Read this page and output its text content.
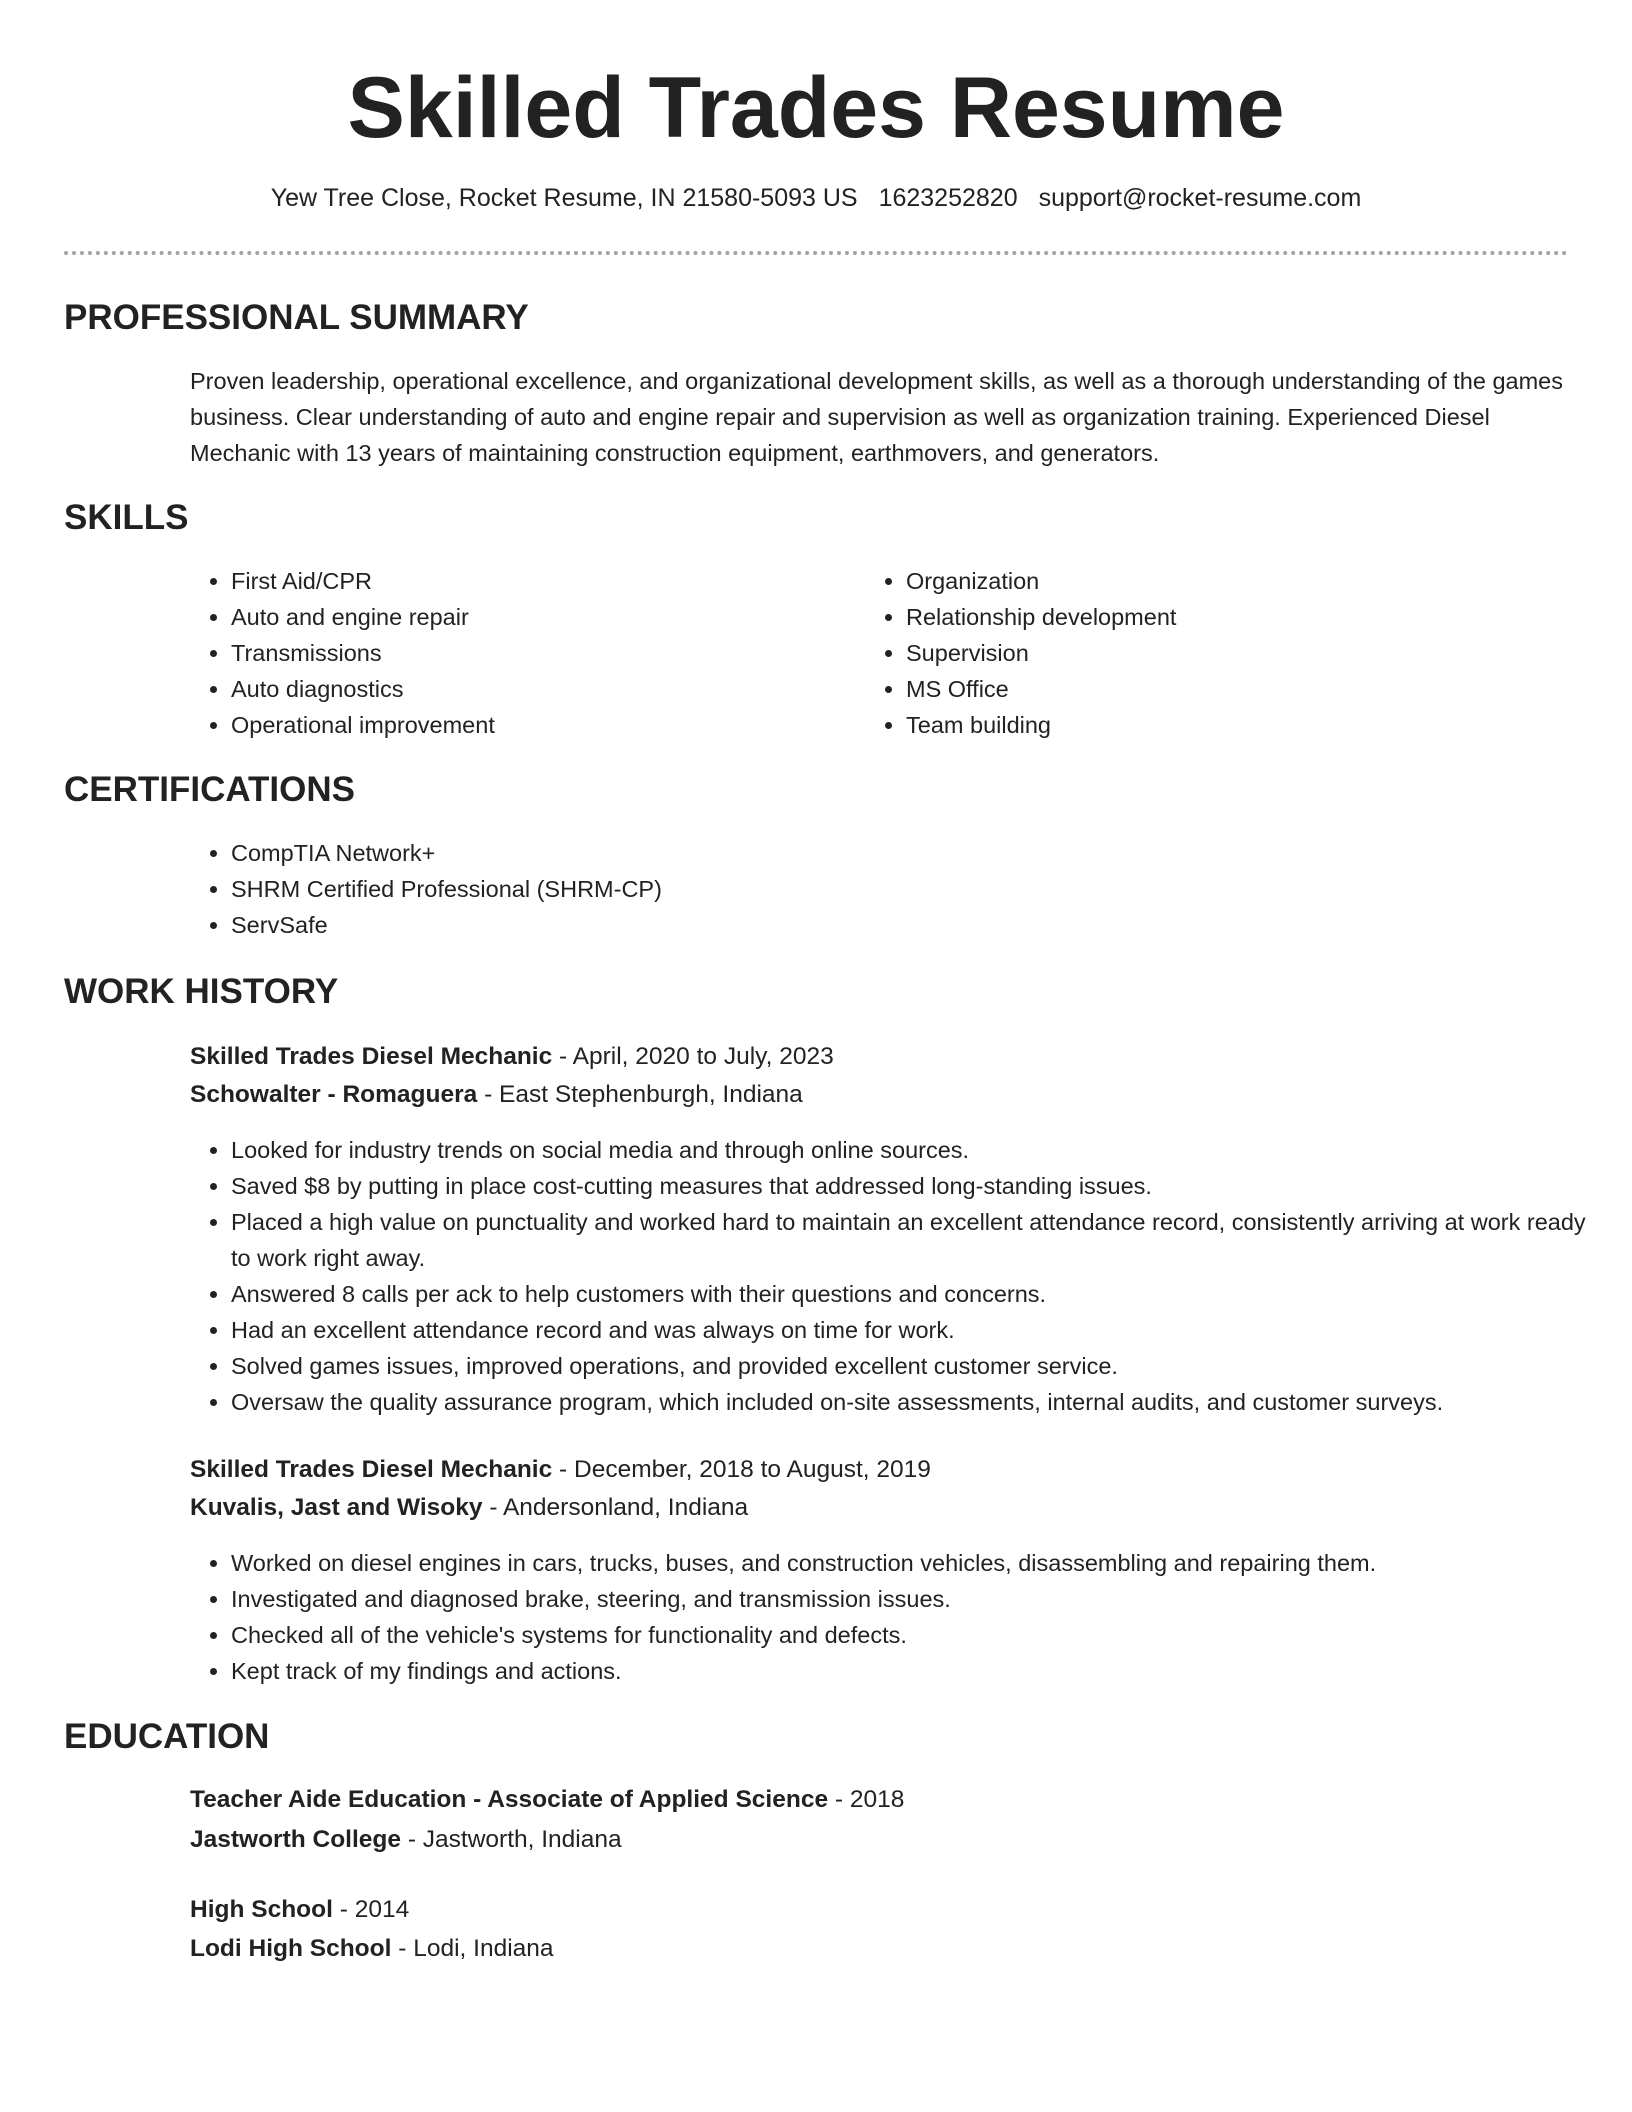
Skilled Trades Resume
Yew Tree Close, Rocket Resume, IN 21580-5093 US 1623252820 support@rocket-resume.com
PROFESSIONAL SUMMARY

Proven leadership, operational excellence, and organizational development skills, as well as a thorough understanding of the games business. Clear understanding of auto and engine repair and supervision as well as organization training. Experienced Diesel Mechanic with 13 years of maintaining construction equipment, earthmovers, and generators.

SKILLS
• First Aid/CPR
• Auto and engine repair
• Transmissions
• Auto diagnostics
• Operational improvement
• Organization
• Relationship development
• Supervision
• MS Office
• Team building
CERTIFICATIONS
• CompTIA Network+
• SHRM Certified Professional (SHRM-CP)
• ServSafe
WORK HISTORY
Skilled Trades Diesel Mechanic - April, 2020 to July, 2023
Schowalter - Romaguera - East Stephenburgh, Indiana
• Looked for industry trends on social media and through online sources.
• Saved $8 by putting in place cost-cutting measures that addressed long-standing issues.
• Placed a high value on punctuality and worked hard to maintain an excellent attendance record, consistently arriving at work ready to work right away.
• Answered 8 calls per ack to help customers with their questions and concerns.
• Had an excellent attendance record and was always on time for work.
• Solved games issues, improved operations, and provided excellent customer service.
• Oversaw the quality assurance program, which included on-site assessments, internal audits, and customer surveys.
Skilled Trades Diesel Mechanic - December, 2018 to August, 2019
Kuvalis, Jast and Wisoky - Andersonland, Indiana
• Worked on diesel engines in cars, trucks, buses, and construction vehicles, disassembling and repairing them.
• Investigated and diagnosed brake, steering, and transmission issues.
• Checked all of the vehicle's systems for functionality and defects.
• Kept track of my findings and actions.
EDUCATION
Teacher Aide Education - Associate of Applied Science - 2018
Jastworth College - Jastworth, Indiana
High School - 2014
Lodi High School - Lodi, Indiana
